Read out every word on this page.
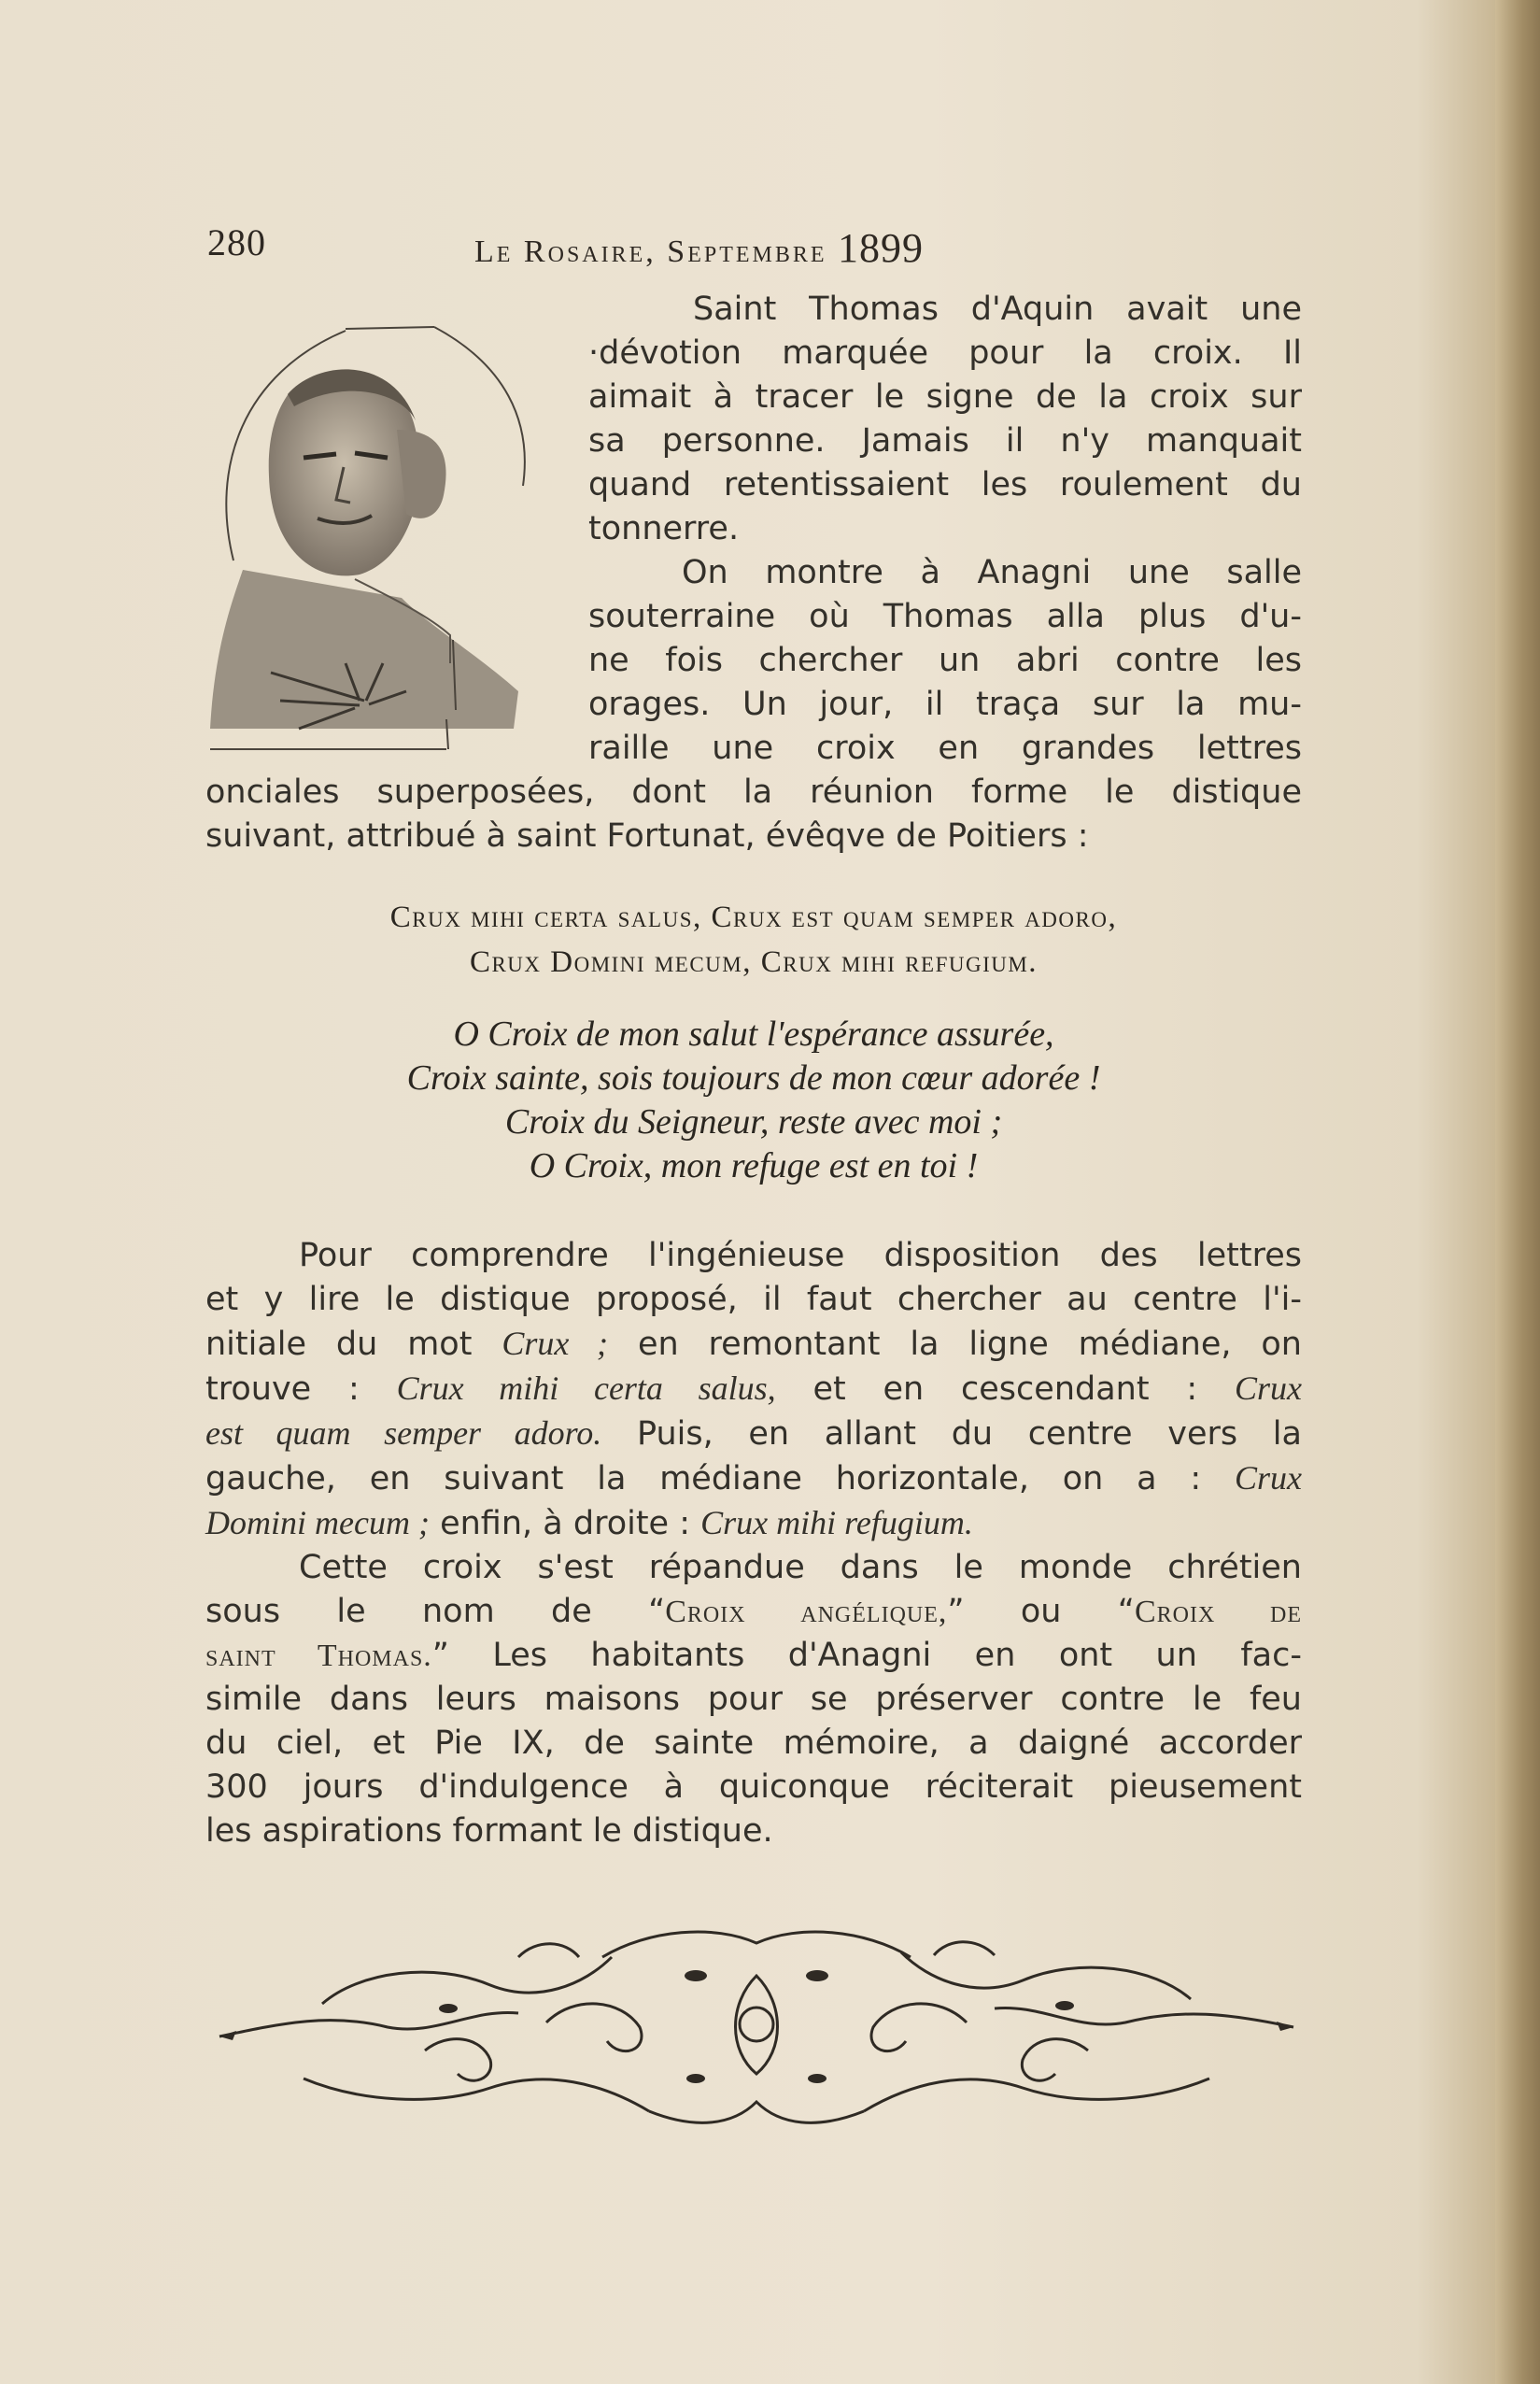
280	Le Rosaire, Septembre 1899
Saint Thomas d'Aquin avait une
·dévotion marquée pour la croix. Il
aimait à tracer le signe de la croix sur
sa personne. Jamais il n'y manquait
quand retentissaient les roulement du
tonnerre.
On montre à Anagni une salle
souterraine où Thomas alla plus d'u-
ne fois chercher un abri contre les
orages. Un jour, il traça sur la mu-
raille une croix en grandes lettres
onciales superposées, dont la réunion forme le distique
suivant, attribué à saint Fortunat, évêqve de Poitiers :
Crux mihi certa salus, Crux est quam semper adoro,
Crux Domini mecum, Crux mihi refugium.
O Croix de mon salut l'espérance assurée,
Croix sainte, sois toujours de mon cœur adorée !
Croix du Seigneur, reste avec moi ;
O Croix, mon refuge est en toi !
Pour comprendre l'ingénieuse disposition des lettres
et y lire le distique proposé, il faut chercher au centre l'i-
nitiale du mot Crux ; en remontant la ligne médiane, on
trouve : Crux mihi certa salus, et en cescendant : Crux
est quam semper adoro. Puis, en allant du centre vers la
gauche, en suivant la médiane horizontale, on a : Crux
Domini mecum ; enfin, à droite : Crux mihi refugium.
Cette croix s'est répandue dans le monde chrétien
sous le nom de “Croix angélique,” ou “Croix de
saint Thomas.” Les habitants d'Anagni en ont un fac-
simile dans leurs maisons pour se préserver contre le feu
du ciel, et Pie IX, de sainte mémoire, a daigné accorder
300 jours d'indulgence à quiconque réciterait pieusement
les aspirations formant le distique.
